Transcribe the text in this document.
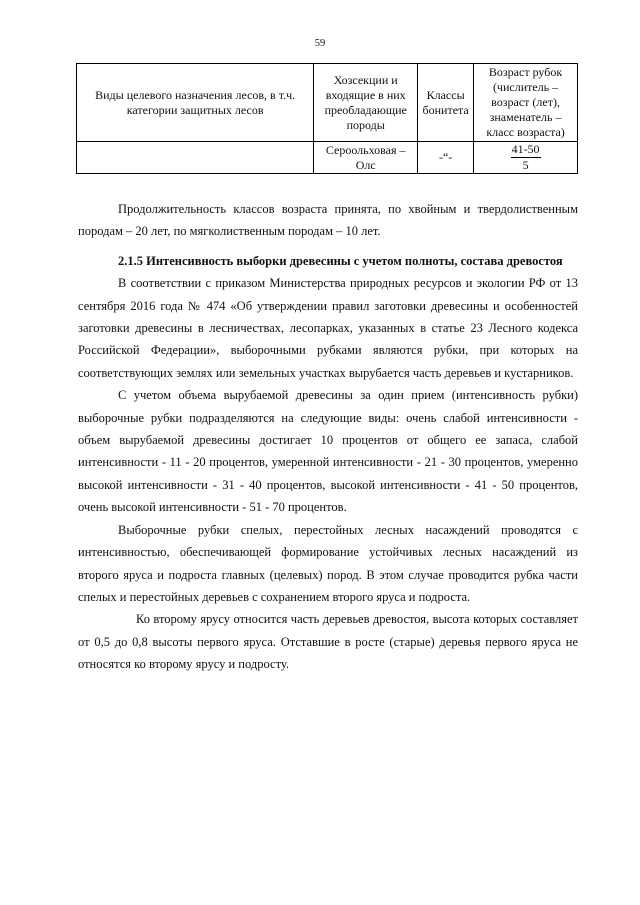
59
Виды целевого назначения лесов, в т.ч. категории защитных лесов	Хозсекции и входящие в них преобладающие породы	Классы бонитета	Возраст рубок (числитель – возраст (лет), знаменатель – класс возраста)
	Сероольховая – Олс	-“-	$\frac{41-50}{5}$

Продолжительность классов возраста принята, по хвойным и твердолиственным породам – 20 лет, по мягколиственным породам – 10 лет.

2.1.5 Интенсивность выборки древесины с учетом полноты, состава древостоя

В соответствии с приказом Министерства природных ресурсов и экологии РФ от 13 сентября 2016 года № 474 «Об утверждении правил заготовки древесины и особенностей заготовки древесины в лесничествах, лесопарках, указанных в статье 23 Лесного кодекса Российской Федерации», выборочными рубками являются рубки, при которых на соответствующих землях или земельных участках вырубается часть деревьев и кустарников.

С учетом объема вырубаемой древесины за один прием (интенсивность рубки) выборочные рубки подразделяются на следующие виды: очень слабой интенсивности - объем вырубаемой древесины достигает 10 процентов от общего ее запаса, слабой интенсивности - 11 - 20 процентов, умеренной интенсивности - 21 - 30 процентов, умеренно высокой интенсивности - 31 - 40 процентов, высокой интенсивности - 41 - 50 процентов, очень высокой интенсивности - 51 - 70 процентов.

Выборочные рубки спелых, перестойных лесных насаждений проводятся с интенсивностью, обеспечивающей формирование устойчивых лесных насаждений из второго яруса и подроста главных (целевых) пород. В этом случае проводится рубка части спелых и перестойных деревьев с сохранением второго яруса и подроста.

Ко второму ярусу относится часть деревьев древостоя, высота которых составляет от 0,5 до 0,8 высоты первого яруса. Отставшие в росте (старые) деревья первого яруса не относятся ко второму ярусу и подросту.
